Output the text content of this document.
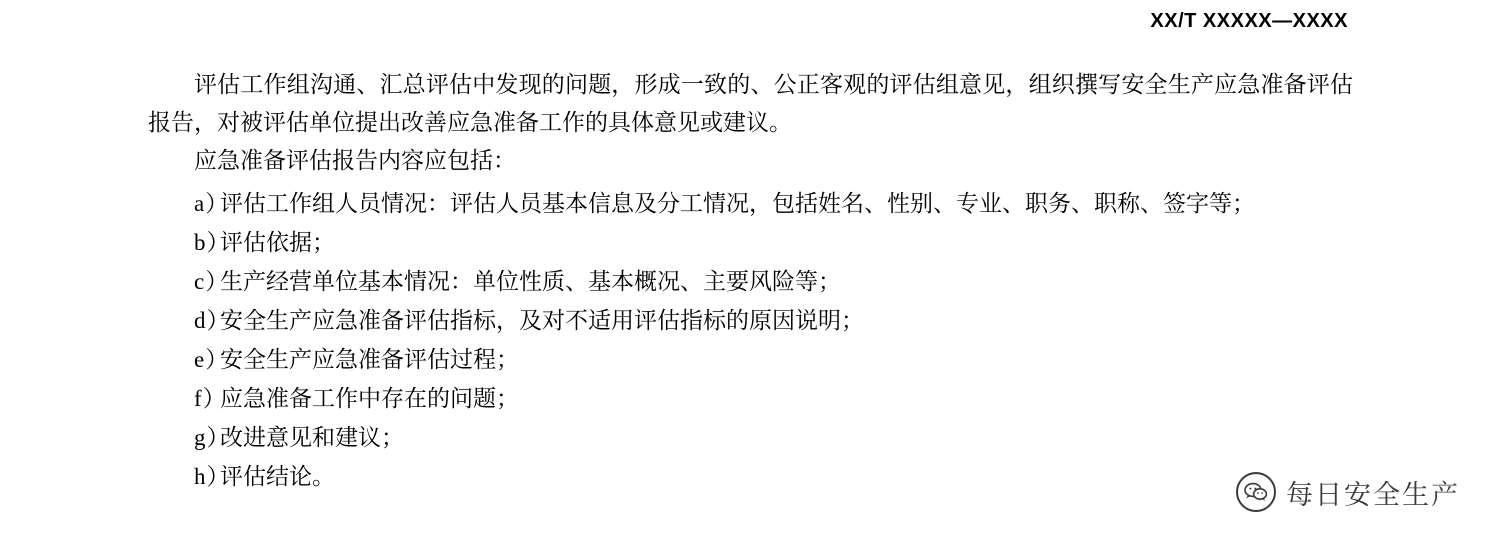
XX/T XXXXX—XXXX

评估工作组沟通、汇总评估中发现的问题，形成一致的、公正客观的评估组意见，组织撰写安全生产应急准备评估报告，对被评估单位提出改善应急准备工作的具体意见或建议。

应急准备评估报告内容应包括：

a）
评估工作组人员情况：评估人员基本信息及分工情况，包括姓名、性别、专业、职务、职称、签字等；
b）
评估依据；
c）
生产经营单位基本情况：单位性质、基本概况、主要风险等；
d）
安全生产应急准备评估指标，及对不适用评估指标的原因说明；
e）
安全生产应急准备评估过程；
f）
应急准备工作中存在的问题；
g）
改进意见和建议；
h）
评估结论。
每日安全生产
